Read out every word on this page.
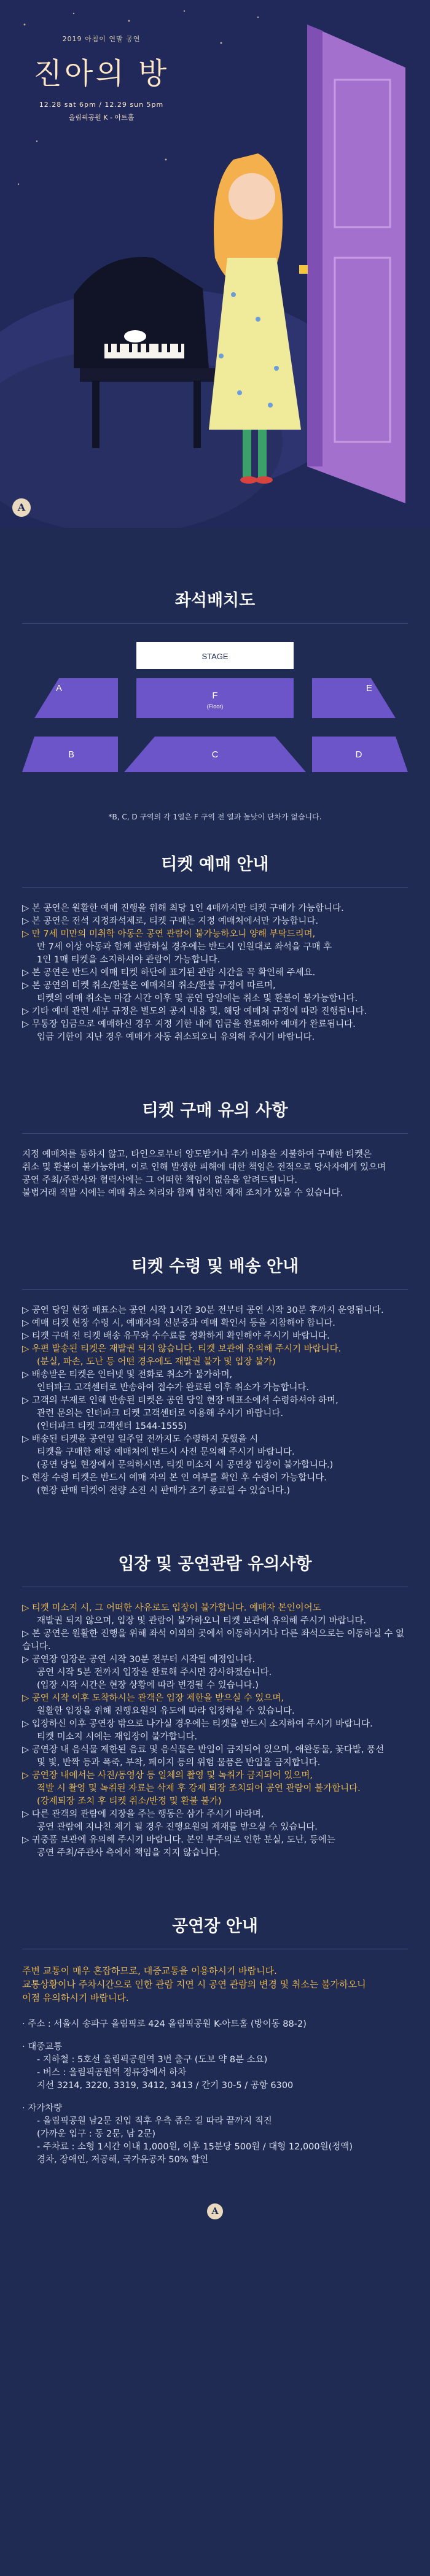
2019 아침이 연말 공연
진아의 방
12.28 sat 6pm / 12.29 sun 5pm
올림픽공원 K - 아트홀
A
좌석배치도
STAGE
A
F
(Floor)
E
B	C	D
*B, C, D 구역의 각 1열은 F 구역 전 열과 높낮이 단차가 없습니다.
티켓 예매 안내

▷ 본 공연은 원활한 예매 진행을 위해 최당 1인 4매까지만 티켓 구매가 가능합니다.

▷ 본 공연은 전석 지정좌석제로, 티켓 구매는 지정 예매처에서만 가능합니다.

▷ 만 7세 미만의 미취학 아동은 공연 관람이 불가능하오니 양해 부탁드리며,

만 7세 이상 아동과 함께 관람하실 경우에는 반드시 인원대로 좌석을 구매 후

1인 1매 티켓을 소지하셔야 관람이 가능합니다.

▷ 본 공연은 반드시 예매 티켓 하단에 표기된 관람 시간을 꼭 확인해 주세요.

▷ 본 공연의 티켓 취소/환불은 예매처의 취소/환불 규정에 따르며,

티켓의 예매 취소는 마감 시간 이후 및 공연 당일에는 취소 및 환불이 불가능합니다.

▷ 기타 예매 관련 세부 규정은 별도의 공지 내용 및, 해당 예매처 규정에 따라 진행됩니다.

▷ 무통장 입금으로 예매하신 경우 지정 기한 내에 입금을 완료해야 예매가 완료됩니다.

입금 기한이 지난 경우 예매가 자동 취소되오니 유의해 주시기 바랍니다.

티켓 구매 유의 사항

지정 예매처를 통하지 않고, 타인으로부터 양도받거나 추가 비용을 지불하여 구매한 티켓은

취소 및 환불이 불가능하며, 이로 인해 발생한 피해에 대한 책임은 전적으로 당사자에게 있으며

공연 주최/주관사와 협력사에는 그 어떠한 책임이 없음을 알려드립니다.

불법거래 적발 시에는 예매 취소 처리와 함께 법적인 제재 조치가 있을 수 있습니다.

티켓 수령 및 배송 안내

▷ 공연 당일 현장 매표소는 공연 시작 1시간 30분 전부터 공연 시작 30분 후까지 운영됩니다.

▷ 예매 티켓 현장 수령 시, 예매자의 신분증과 예매 확인서 등을 지참해야 합니다.

▷ 티켓 구매 전 티켓 배송 유무와 수수료를 정확하게 확인해야 주시기 바랍니다.

▷ 우편 발송된 티켓은 재발권 되지 않습니다. 티켓 보관에 유의해 주시기 바랍니다.

(분실, 파손, 도난 등 어떤 경우에도 재발권 불가 및 입장 불가)

▷ 배송받은 티켓은 인터넷 및 전화로 취소가 불가하며,

인터파크 고객센터로 반송하여 접수가 완료된 이후 취소가 가능합니다.

▷ 고객의 부재로 인해 반송된 티켓은 공연 당일 현장 매표소에서 수령하셔야 하며,

관련 문의는 인터파크 티켓 고객센터로 이용해 주시기 바랍니다.

(인터파크 티켓 고객센터 1544-1555)

▷ 배송된 티켓을 공연일 일주일 전까지도 수령하지 못했을 시

티켓을 구매한 해당 예매처에 반드시 사전 문의해 주시기 바랍니다.

(공연 당일 현장에서 문의하시면, 티켓 미소지 시 공연장 입장이 불가합니다.)

▷ 현장 수령 티켓은 반드시 예매 자의 본 인 여부를 확인 후 수령이 가능합니다.

(현장 판매 티켓이 전량 소진 시 판매가 조기 종료될 수 있습니다.)

입장 및 공연관람 유의사항

▷ 티켓 미소지 시, 그 어떠한 사유로도 입장이 불가합니다. 예매자 본인이어도

재발권 되지 않으며, 입장 및 관람이 불가하오니 티켓 보관에 유의해 주시기 바랍니다.

▷ 본 공연은 원활한 진행을 위해 좌석 이외의 곳에서 이동하시거나 다른 좌석으로는 이동하실 수 없습니다.

▷ 공연장 입장은 공연 시작 30분 전부터 시작될 예정입니다.

공연 시작 5분 전까지 입장을 완료해 주시면 감사하겠습니다.

(입장 시작 시간은 현장 상황에 따라 변경될 수 있습니다.)

▷ 공연 시작 이후 도착하시는 관객은 입장 제한을 받으실 수 있으며,

원활한 입장을 위해 진행요원의 유도에 따라 입장하실 수 있습니다.

▷ 입장하신 이후 공연장 밖으로 나가실 경우에는 티켓을 반드시 소지하여 주시기 바랍니다.

티켓 미소지 시에는 재입장이 불가합니다.

▷ 공연장 내 음식물 제한된 음료 및 음식물은 반입이 금지되어 있으며, 애완동물, 꽃다발, 풍선

및 빛, 반짝 등과 폭죽, 부착, 페이지 등의 위험 물품은 반입을 금지합니다.

▷ 공연장 내에서는 사진/동영상 등 일체의 촬영 및 녹취가 금지되어 있으며,

적발 시 촬영 및 녹취된 자료는 삭제 후 강제 퇴장 조치되어 공연 관람이 불가합니다.

(강제퇴장 조치 후 티켓 취소/반정 및 환불 불가)

▷ 다른 관객의 관람에 지장을 주는 행동은 삼가 주시기 바라며,

공연 관람에 지나친 제기 될 경우 진행요원의 제재를 받으실 수 있습니다.

▷ 귀중품 보관에 유의해 주시기 바랍니다. 본인 부주의로 인한 분실, 도난, 등에는

공연 주최/주관사 측에서 책임을 지지 않습니다.

공연장 안내

주변 교통이 매우 혼잡하므로, 대중교통을 이용하시기 바랍니다.

교통상황이나 주차시간으로 인한 관람 지연 시 공연 관람의 변경 및 취소는 불가하오니

이점 유의하시기 바랍니다.

· 주소 : 서울시 송파구 올림픽로 424 올림픽공원 K-아트홀 (방이동 88-2)

· 대중교통

- 지하철 : 5호선 올림픽공원역 3번 출구 (도보 약 8분 소요)

- 버스 : 올림픽공원역 정류장에서 하차

지선 3214, 3220, 3319, 3412, 3413 / 간기 30-5 / 공항 6300

· 자가차량

- 올림픽공원 남2문 진입 직후 우측 좁은 길 따라 끝까지 직진

(가까운 입구 : 동 2문, 남 2문)

- 주차료 : 소형 1시간 이내 1,000원, 이후 15분당 500원 / 대형 12,000원(정액)

경차, 장애인, 저공해, 국가유공자 50% 할인

A
